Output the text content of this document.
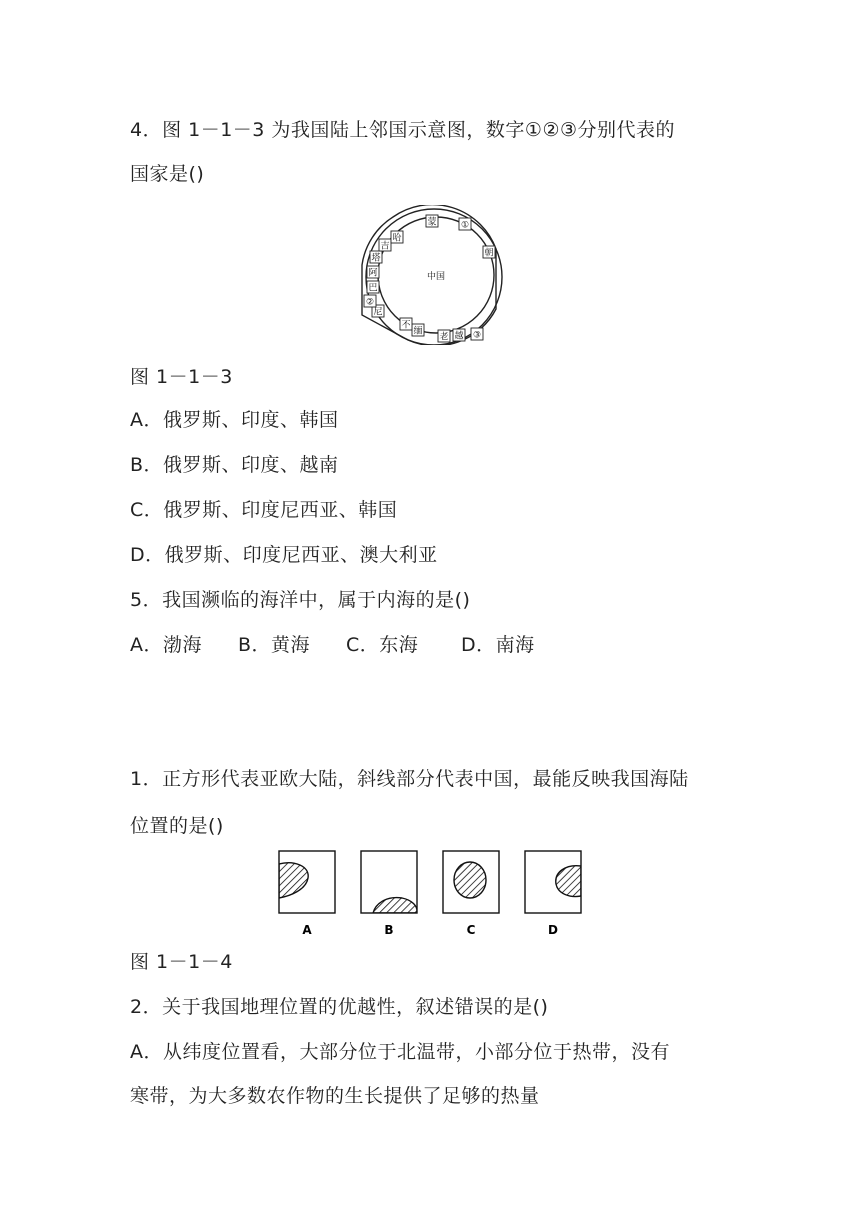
4．图 1－1－3 为我国陆上邻国示意图，数字①②③分别代表的
国家是()
蒙	①
朝
③
越
老
缅
不
尼
②
巴
阿
塔
吉
哈
中国
图 1－1－3
A．俄罗斯、印度、韩国
B．俄罗斯、印度、越南
C．俄罗斯、印度尼西亚、韩国
D．俄罗斯、印度尼西亚、澳大利亚
5．我国濒临的海洋中，属于内海的是()
A．渤海 B．黄海 C．东海 D．南海
1．正方形代表亚欧大陆，斜线部分代表中国，最能反映我国海陆
位置的是()
A	B	C	D
图 1－1－4
2．关于我国地理位置的优越性，叙述错误的是()
A．从纬度位置看，大部分位于北温带，小部分位于热带，没有
寒带，为大多数农作物的生长提供了足够的热量
